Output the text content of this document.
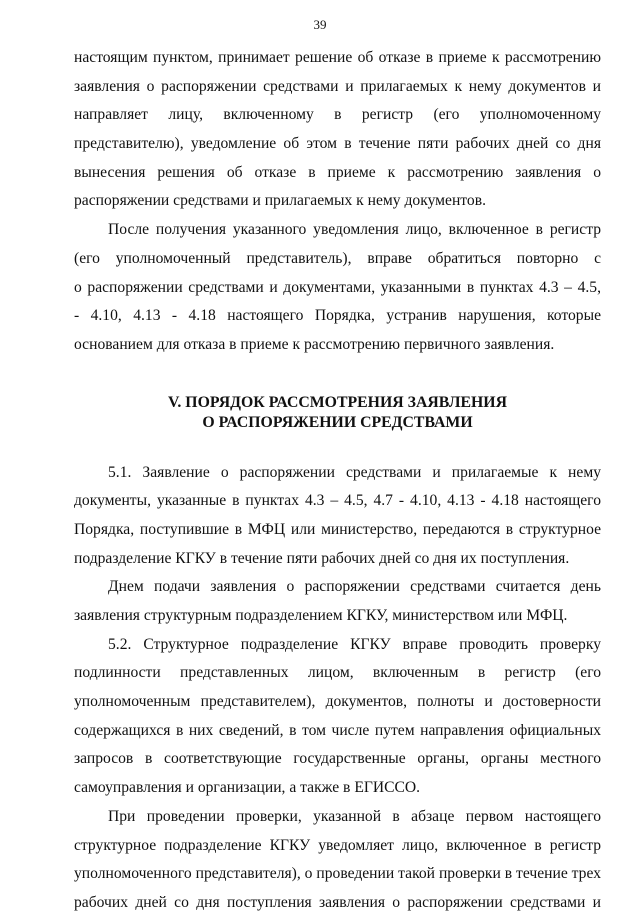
39
настоящим пунктом, принимает решение об отказе в приеме к рассмотрению
заявления о распоряжении средствами и прилагаемых к нему документов и
направляет лицу, включенному в регистр (его уполномоченному
представителю), уведомление об этом в течение пяти рабочих дней со дня
вынесения решения об отказе в приеме к рассмотрению заявления о
распоряжении средствами и прилагаемых к нему документов.
После получения указанного уведомления лицо, включенное в регистр
(его уполномоченный представитель), вправе обратиться повторно с
о распоряжении средствами и документами, указанными в пунктах 4.3 – 4.5,
- 4.10, 4.13 - 4.18 настоящего Порядка, устранив нарушения, которые
основанием для отказа в приеме к рассмотрению первичного заявления.
V. ПОРЯДОК РАССМОТРЕНИЯ ЗАЯВЛЕНИЯ
О РАСПОРЯЖЕНИИ СРЕДСТВАМИ
5.1. Заявление о распоряжении средствами и прилагаемые к нему
документы, указанные в пунктах 4.3 – 4.5, 4.7 - 4.10, 4.13 - 4.18 настоящего
Порядка, поступившие в МФЦ или министерство, передаются в структурное
подразделение КГКУ в течение пяти рабочих дней со дня их поступления.
Днем подачи заявления о распоряжении средствами считается день
заявления структурным подразделением КГКУ, министерством или МФЦ.
5.2. Структурное подразделение КГКУ вправе проводить проверку
подлинности представленных лицом, включенным в регистр (его
уполномоченным представителем), документов, полноты и достоверности
содержащихся в них сведений, в том числе путем направления официальных
запросов в соответствующие государственные органы, органы местного
самоуправления и организации, а также в ЕГИССО.
При проведении проверки, указанной в абзаце первом настоящего
структурное подразделение КГКУ уведомляет лицо, включенное в регистр
уполномоченного представителя), о проведении такой проверки в течение трех
рабочих дней со дня поступления заявления о распоряжении средствами и
